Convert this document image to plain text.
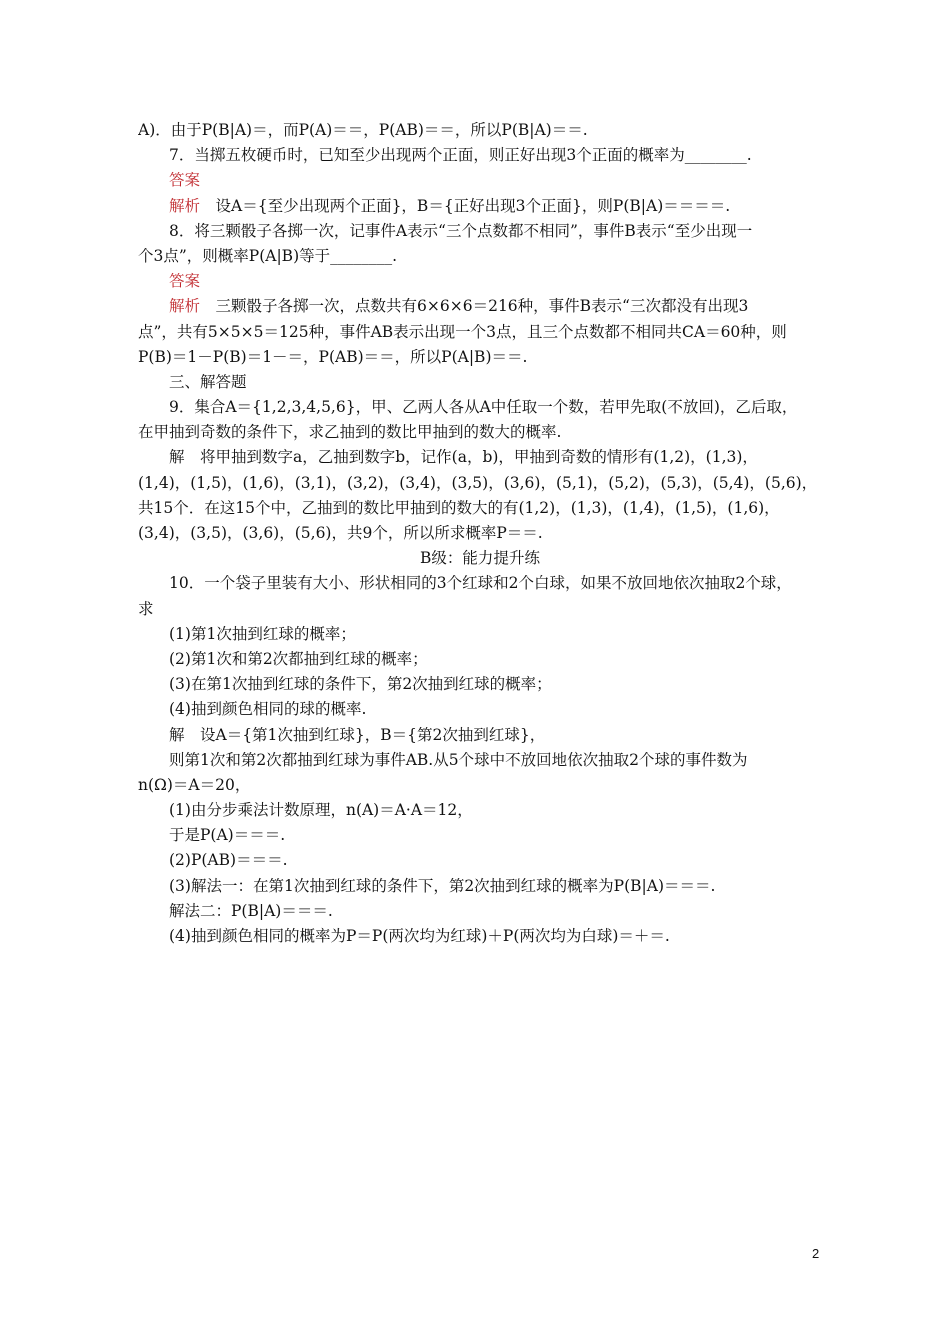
A)．由于P(B|A)＝，而P(A)＝＝，P(AB)＝＝，所以P(B|A)＝＝.
7．当掷五枚硬币时，已知至少出现两个正面，则正好出现3个正面的概率为________.
答案
解析　设A＝{至少出现两个正面}，B＝{正好出现3个正面}，则P(B|A)＝＝＝＝.
8．将三颗骰子各掷一次，记事件A表示“三个点数都不相同”，事件B表示“至少出现一
个3点”，则概率P(A|B)等于________.
答案
解析　三颗骰子各掷一次，点数共有6×6×6＝216种，事件B表示“三次都没有出现3
点”，共有5×5×5＝125种，事件AB表示出现一个3点，且三个点数都不相同共CA＝60种，则
P(B)＝1－P(B)＝1－＝，P(AB)＝＝，所以P(A|B)＝＝.
三、解答题
9．集合A＝{1,2,3,4,5,6}，甲、乙两人各从A中任取一个数，若甲先取(不放回)，乙后取，
在甲抽到奇数的条件下，求乙抽到的数比甲抽到的数大的概率.
解　将甲抽到数字a，乙抽到数字b，记作(a，b)，甲抽到奇数的情形有(1,2)，(1,3)，
(1,4)，(1,5)，(1,6)，(3,1)，(3,2)，(3,4)，(3,5)，(3,6)，(5,1)，(5,2)，(5,3)，(5,4)，(5,6)，
共15个．在这15个中，乙抽到的数比甲抽到的数大的有(1,2)，(1,3)，(1,4)，(1,5)，(1,6)，
(3,4)，(3,5)，(3,6)，(5,6)，共9个，所以所求概率P＝＝.
B级：能力提升练
10．一个袋子里装有大小、形状相同的3个红球和2个白球，如果不放回地依次抽取2个球，
求
(1)第1次抽到红球的概率；
(2)第1次和第2次都抽到红球的概率；
(3)在第1次抽到红球的条件下，第2次抽到红球的概率；
(4)抽到颜色相同的球的概率.
解　设A＝{第1次抽到红球}，B＝{第2次抽到红球}，
则第1次和第2次都抽到红球为事件AB.从5个球中不放回地依次抽取2个球的事件数为
n(Ω)＝A＝20，
(1)由分步乘法计数原理，n(A)＝A·A＝12，
于是P(A)＝＝＝.
(2)P(AB)＝＝＝.
(3)解法一：在第1次抽到红球的条件下，第2次抽到红球的概率为P(B|A)＝＝＝.
解法二：P(B|A)＝＝＝.
(4)抽到颜色相同的概率为P＝P(两次均为红球)＋P(两次均为白球)＝＋＝.
2
